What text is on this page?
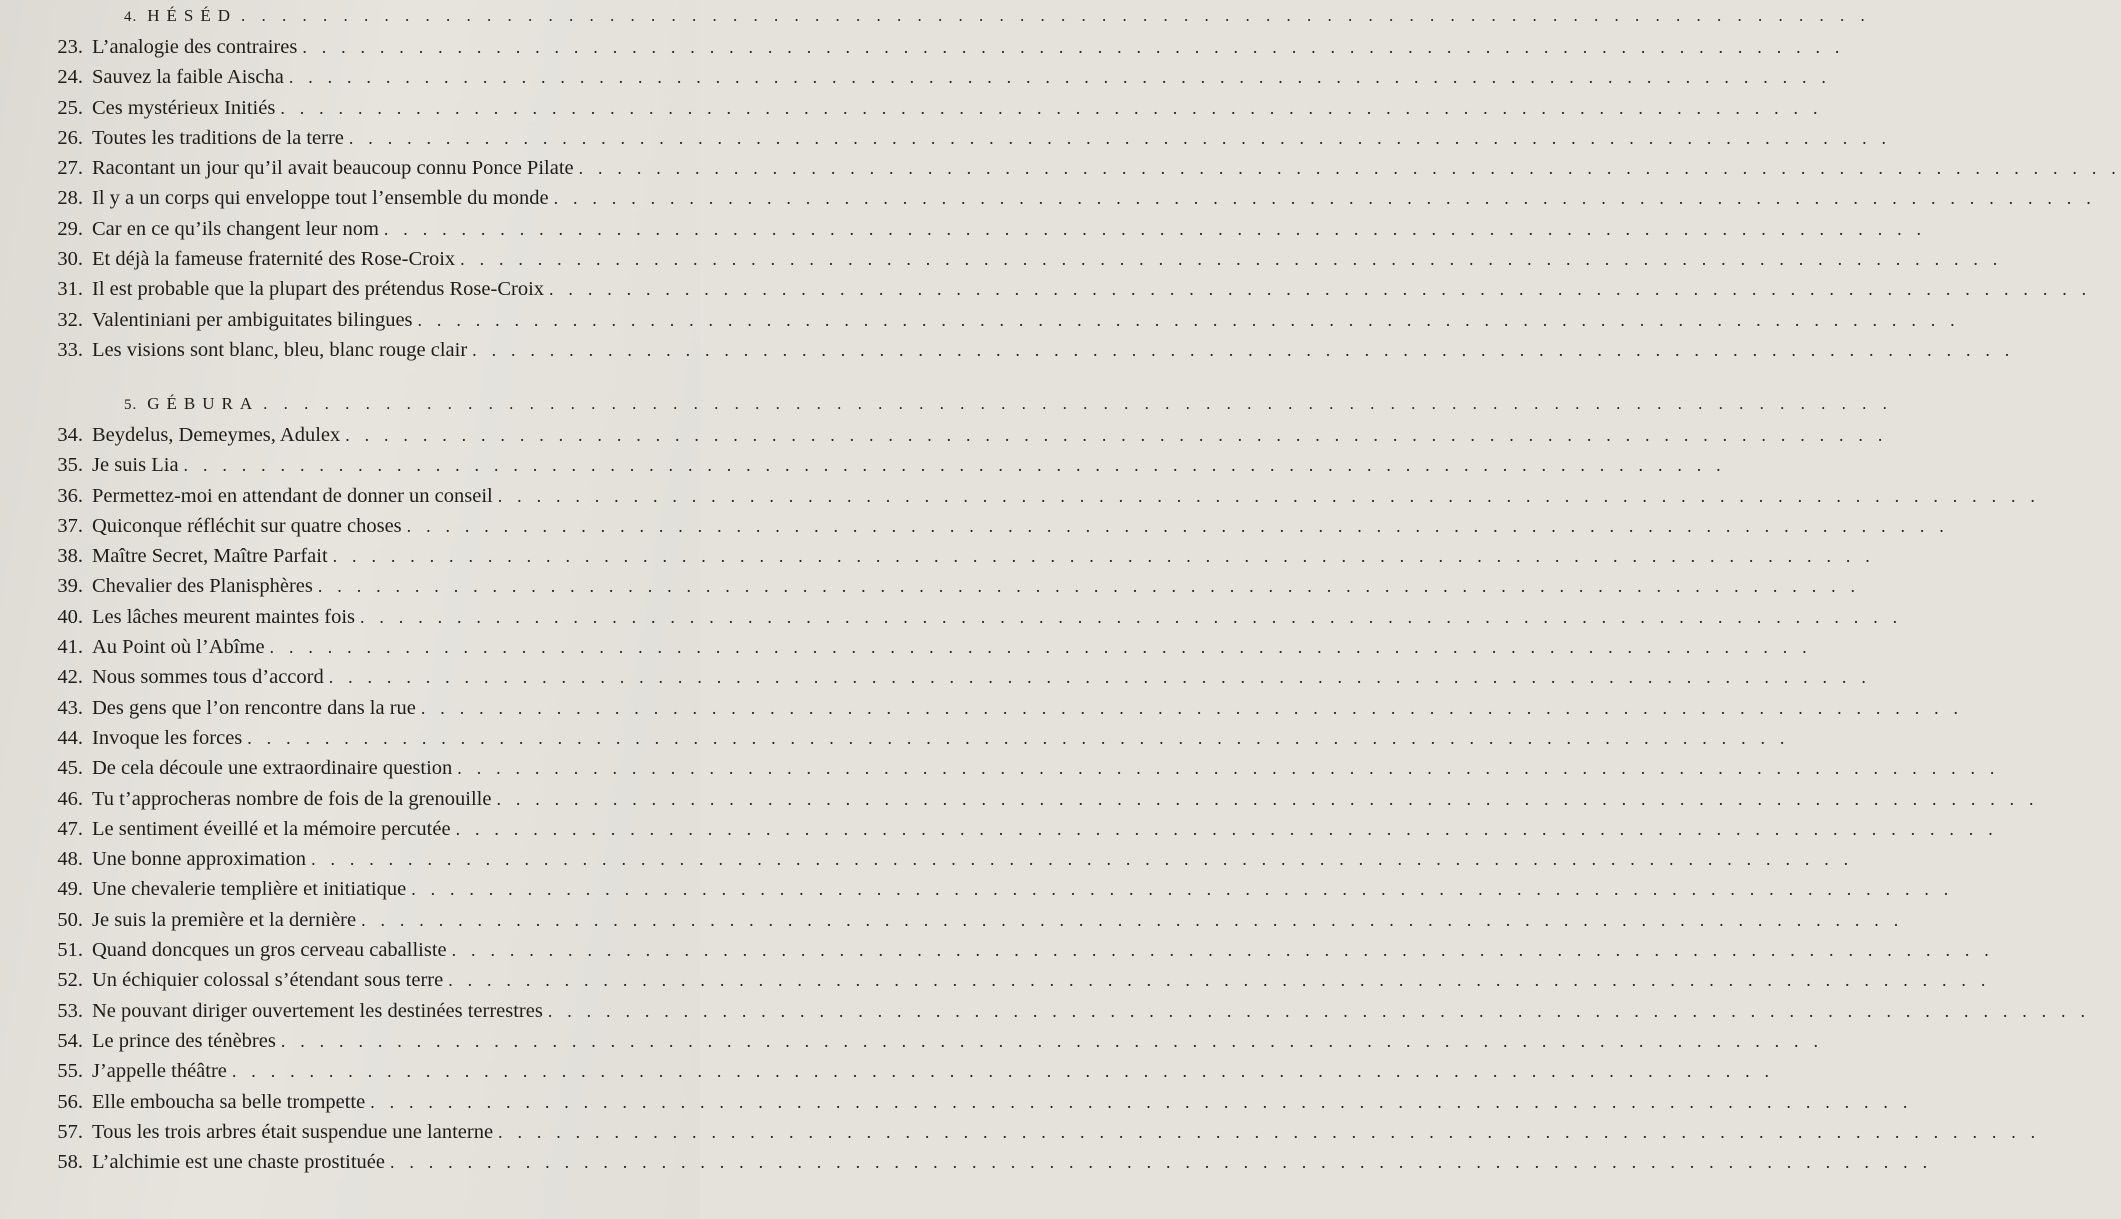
4. HÉSÉD . . . . . . . . . . . . . . . . . . . . . . . . . . . . . . . . . . . . . . . . . . . . . . . . . . . . . . . . . . . . . . . . . . . . . . . . . . . . . . . .
23. L’analogie des contraires . . . . . . . . . . . . . . . . . . . . . . . . . . . . . . . . . . . . . . . . . . . . . . . . . . . . . . . . . . . . . . . . . . . . . . . . . . . . . . . .
24. Sauvez la faible Aischa . . . . . . . . . . . . . . . . . . . . . . . . . . . . . . . . . . . . . . . . . . . . . . . . . . . . . . . . . . . . . . . . . . . . . . . . . . . . . . . .
25. Ces mystérieux Initiés . . . . . . . . . . . . . . . . . . . . . . . . . . . . . . . . . . . . . . . . . . . . . . . . . . . . . . . . . . . . . . . . . . . . . . . . . . . . . . . .
26. Toutes les traditions de la terre . . . . . . . . . . . . . . . . . . . . . . . . . . . . . . . . . . . . . . . . . . . . . . . . . . . . . . . . . . . . . . . . . . . . . . . . . . . . . . . .
27. Racontant un jour qu’il avait beaucoup connu Ponce Pilate . . . . . . . . . . . . . . . . . . . . . . . . . . . . . . . . . . . . . . . . . . . . . . . . . . . . . . . . . . . . . . . . . . . . . . . . . . . . . . . .
28. Il y a un corps qui enveloppe tout l’ensemble du monde . . . . . . . . . . . . . . . . . . . . . . . . . . . . . . . . . . . . . . . . . . . . . . . . . . . . . . . . . . . . . . . . . . . . . . . . . . . . . . . .
29. Car en ce qu’ils changent leur nom . . . . . . . . . . . . . . . . . . . . . . . . . . . . . . . . . . . . . . . . . . . . . . . . . . . . . . . . . . . . . . . . . . . . . . . . . . . . . . . .
30. Et déjà la fameuse fraternité des Rose-Croix . . . . . . . . . . . . . . . . . . . . . . . . . . . . . . . . . . . . . . . . . . . . . . . . . . . . . . . . . . . . . . . . . . . . . . . . . . . . . . . .
31. Il est probable que la plupart des prétendus Rose-Croix . . . . . . . . . . . . . . . . . . . . . . . . . . . . . . . . . . . . . . . . . . . . . . . . . . . . . . . . . . . . . . . . . . . . . . . . . . . . . . . .
32. Valentiniani per ambiguitates bilingues . . . . . . . . . . . . . . . . . . . . . . . . . . . . . . . . . . . . . . . . . . . . . . . . . . . . . . . . . . . . . . . . . . . . . . . . . . . . . . . .
33. Les visions sont blanc, bleu, blanc rouge clair . . . . . . . . . . . . . . . . . . . . . . . . . . . . . . . . . . . . . . . . . . . . . . . . . . . . . . . . . . . . . . . . . . . . . . . . . . . . . . . .
5. GÉBURA . . . . . . . . . . . . . . . . . . . . . . . . . . . . . . . . . . . . . . . . . . . . . . . . . . . . . . . . . . . . . . . . . . . . . . . . . . . . . . . .
34. Beydelus, Demeymes, Adulex . . . . . . . . . . . . . . . . . . . . . . . . . . . . . . . . . . . . . . . . . . . . . . . . . . . . . . . . . . . . . . . . . . . . . . . . . . . . . . . .
35. Je suis Lia . . . . . . . . . . . . . . . . . . . . . . . . . . . . . . . . . . . . . . . . . . . . . . . . . . . . . . . . . . . . . . . . . . . . . . . . . . . . . . . .
36. Permettez-moi en attendant de donner un conseil . . . . . . . . . . . . . . . . . . . . . . . . . . . . . . . . . . . . . . . . . . . . . . . . . . . . . . . . . . . . . . . . . . . . . . . . . . . . . . . .
37. Quiconque réfléchit sur quatre choses . . . . . . . . . . . . . . . . . . . . . . . . . . . . . . . . . . . . . . . . . . . . . . . . . . . . . . . . . . . . . . . . . . . . . . . . . . . . . . . .
38. Maître Secret, Maître Parfait . . . . . . . . . . . . . . . . . . . . . . . . . . . . . . . . . . . . . . . . . . . . . . . . . . . . . . . . . . . . . . . . . . . . . . . . . . . . . . . .
39. Chevalier des Planisphères . . . . . . . . . . . . . . . . . . . . . . . . . . . . . . . . . . . . . . . . . . . . . . . . . . . . . . . . . . . . . . . . . . . . . . . . . . . . . . . .
40. Les lâches meurent maintes fois . . . . . . . . . . . . . . . . . . . . . . . . . . . . . . . . . . . . . . . . . . . . . . . . . . . . . . . . . . . . . . . . . . . . . . . . . . . . . . . .
41. Au Point où l’Abîme . . . . . . . . . . . . . . . . . . . . . . . . . . . . . . . . . . . . . . . . . . . . . . . . . . . . . . . . . . . . . . . . . . . . . . . . . . . . . . . .
42. Nous sommes tous d’accord . . . . . . . . . . . . . . . . . . . . . . . . . . . . . . . . . . . . . . . . . . . . . . . . . . . . . . . . . . . . . . . . . . . . . . . . . . . . . . . .
43. Des gens que l’on rencontre dans la rue . . . . . . . . . . . . . . . . . . . . . . . . . . . . . . . . . . . . . . . . . . . . . . . . . . . . . . . . . . . . . . . . . . . . . . . . . . . . . . . .
44. Invoque les forces . . . . . . . . . . . . . . . . . . . . . . . . . . . . . . . . . . . . . . . . . . . . . . . . . . . . . . . . . . . . . . . . . . . . . . . . . . . . . . . .
45. De cela découle une extraordinaire question . . . . . . . . . . . . . . . . . . . . . . . . . . . . . . . . . . . . . . . . . . . . . . . . . . . . . . . . . . . . . . . . . . . . . . . . . . . . . . . .
46. Tu t’approcheras nombre de fois de la grenouille . . . . . . . . . . . . . . . . . . . . . . . . . . . . . . . . . . . . . . . . . . . . . . . . . . . . . . . . . . . . . . . . . . . . . . . . . . . . . . . .
47. Le sentiment éveillé et la mémoire percutée . . . . . . . . . . . . . . . . . . . . . . . . . . . . . . . . . . . . . . . . . . . . . . . . . . . . . . . . . . . . . . . . . . . . . . . . . . . . . . . .
48. Une bonne approximation . . . . . . . . . . . . . . . . . . . . . . . . . . . . . . . . . . . . . . . . . . . . . . . . . . . . . . . . . . . . . . . . . . . . . . . . . . . . . . . .
49. Une chevalerie templière et initiatique . . . . . . . . . . . . . . . . . . . . . . . . . . . . . . . . . . . . . . . . . . . . . . . . . . . . . . . . . . . . . . . . . . . . . . . . . . . . . . . .
50. Je suis la première et la dernière . . . . . . . . . . . . . . . . . . . . . . . . . . . . . . . . . . . . . . . . . . . . . . . . . . . . . . . . . . . . . . . . . . . . . . . . . . . . . . . .
51. Quand doncques un gros cerveau caballiste . . . . . . . . . . . . . . . . . . . . . . . . . . . . . . . . . . . . . . . . . . . . . . . . . . . . . . . . . . . . . . . . . . . . . . . . . . . . . . . .
52. Un échiquier colossal s’étendant sous terre . . . . . . . . . . . . . . . . . . . . . . . . . . . . . . . . . . . . . . . . . . . . . . . . . . . . . . . . . . . . . . . . . . . . . . . . . . . . . . . .
53. Ne pouvant diriger ouvertement les destinées terrestres . . . . . . . . . . . . . . . . . . . . . . . . . . . . . . . . . . . . . . . . . . . . . . . . . . . . . . . . . . . . . . . . . . . . . . . . . . . . . . . .
54. Le prince des ténèbres . . . . . . . . . . . . . . . . . . . . . . . . . . . . . . . . . . . . . . . . . . . . . . . . . . . . . . . . . . . . . . . . . . . . . . . . . . . . . . . .
55. J’appelle théâtre . . . . . . . . . . . . . . . . . . . . . . . . . . . . . . . . . . . . . . . . . . . . . . . . . . . . . . . . . . . . . . . . . . . . . . . . . . . . . . . .
56. Elle emboucha sa belle trompette . . . . . . . . . . . . . . . . . . . . . . . . . . . . . . . . . . . . . . . . . . . . . . . . . . . . . . . . . . . . . . . . . . . . . . . . . . . . . . . .
57. Tous les trois arbres était suspendue une lanterne . . . . . . . . . . . . . . . . . . . . . . . . . . . . . . . . . . . . . . . . . . . . . . . . . . . . . . . . . . . . . . . . . . . . . . . . . . . . . . . .
58. L’alchimie est une chaste prostituée . . . . . . . . . . . . . . . . . . . . . . . . . . . . . . . . . . . . . . . . . . . . . . . . . . . . . . . . . . . . . . . . . . . . . . . . . . . . . . . .
